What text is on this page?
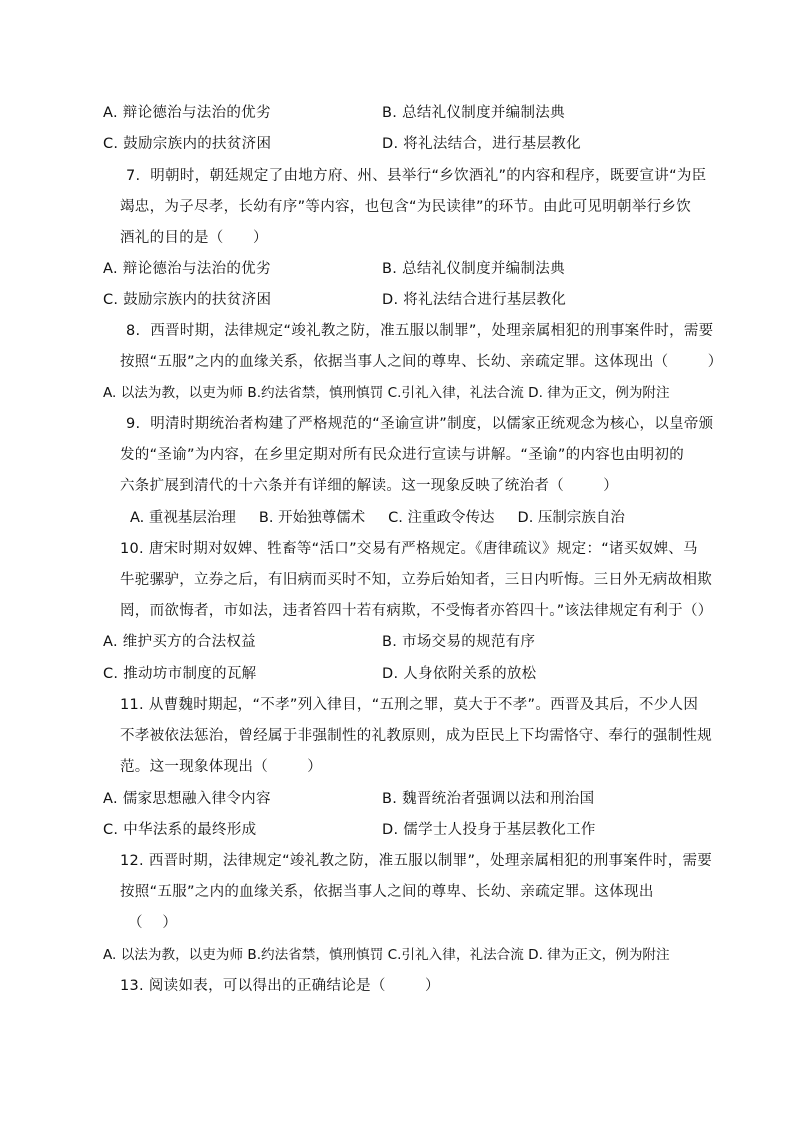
A. 辩论德治与法治的优劣	B. 总结礼仪制度并编制法典
C. 鼓励宗族内的扶贫济困	D. 将礼法结合，进行基层教化
7.  明朝时，朝廷规定了由地方府、州、县举行“乡饮酒礼”的内容和程序，既要宣讲“为臣
竭忠，为子尽孝，长幼有序”等内容，也包含“为民读律”的环节。由此可见明朝举行乡饮
酒礼的目的是（      ）
A. 辩论德治与法治的优劣	B. 总结礼仪制度并编制法典
C. 鼓励宗族内的扶贫济困	D. 将礼法结合进行基层教化
8.  西晋时期，法律规定“竣礼教之防，准五服以制罪”，处理亲属相犯的刑事案件时，需要
按照“五服”之内的血缘关系，依据当事人之间的尊卑、长幼、亲疏定罪。这体现出（        ）
A. 以法为教，以吏为师 B.约法省禁，慎刑慎罚 C.引礼入律，礼法合流 D. 律为正文，例为附注
9.  明清时期统治者构建了严格规范的“圣谕宣讲”制度，以儒家正统观念为核心，以皇帝颁
发的“圣谕”为内容，在乡里定期对所有民众进行宣读与讲解。“圣谕”的内容也由明初的
六条扩展到清代的十六条并有详细的解读。这一现象反映了统治者（        ）
A. 重视基层治理     B. 开始独尊儒术     C. 注重政令传达     D. 压制宗族自治
10. 唐宋时期对奴婢、牲畜等“活口”交易有严格规定。《唐律疏议》规定：“诸买奴婢、马
牛驼骡驴，立券之后，有旧病而买时不知，立券后始知者，三日内听悔。三日外无病故相欺
罔，而欲悔者，市如法，违者笞四十若有病欺，不受悔者亦笞四十。”该法律规定有利于（）
A. 维护买方的合法权益	B. 市场交易的规范有序
C. 推动坊市制度的瓦解	D. 人身依附关系的放松
11. 从曹魏时期起，“不孝”列入律目，“五刑之罪，莫大于不孝”。西晋及其后，不少人因
不孝被依法惩治，曾经属于非强制性的礼教原则，成为臣民上下均需恪守、奉行的强制性规
范。这一现象体现出（        ）
A. 儒家思想融入律令内容	B. 魏晋统治者强调以法和刑治国
C. 中华法系的最终形成	D. 儒学士人投身于基层教化工作
12. 西晋时期，法律规定“竣礼教之防，准五服以制罪”，处理亲属相犯的刑事案件时，需要
按照“五服”之内的血缘关系，依据当事人之间的尊卑、长幼、亲疏定罪。这体现出
（    ）
A. 以法为教，以吏为师 B.约法省禁，慎刑慎罚 C.引礼入律，礼法合流 D. 律为正文，例为附注
13. 阅读如表，可以得出的正确结论是（        ）
